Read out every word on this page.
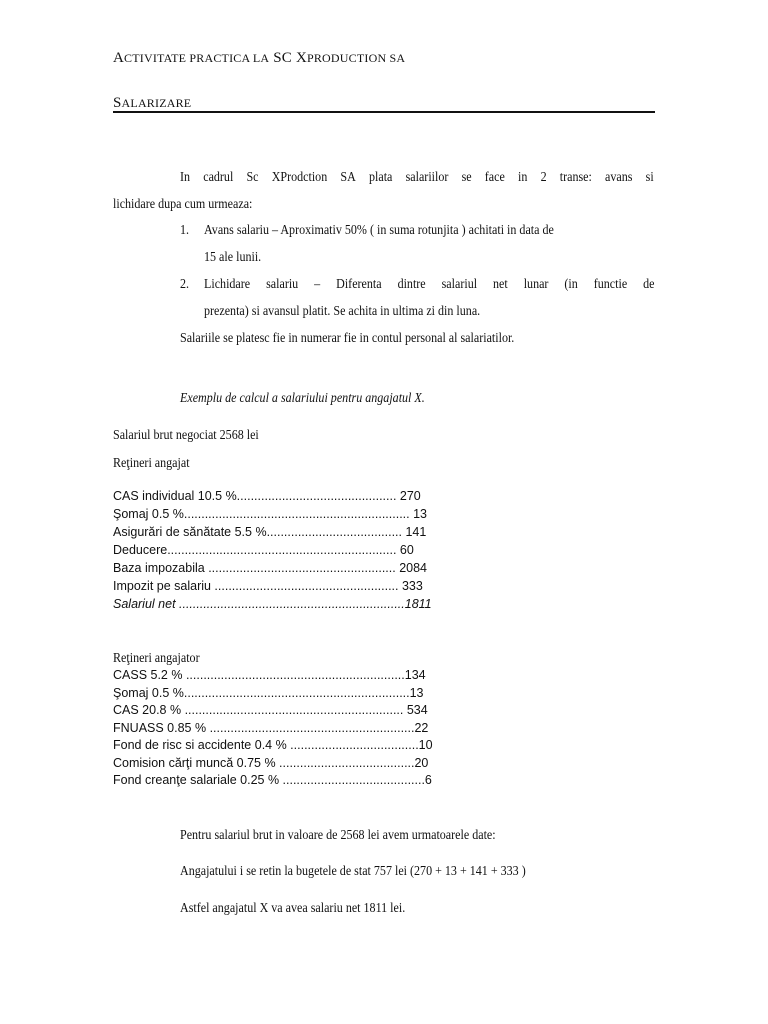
ACTIVITATE PRACTICA LA SC XPRODUCTION SA
SALARIZARE
In cadrul Sc XProdction SA plata salariilor se face in 2 transe: avans si
lichidare dupa cum urmeaza:
1. Avans salariu – Aproximativ 50% ( in suma rotunjita ) achitati in data de
15 ale lunii.
2. Lichidare salariu – Diferenta dintre salariul net lunar (in functie de
prezenta) si avansul platit. Se achita in ultima zi din luna.
Salariile se platesc fie in numerar fie in contul personal al salariatilor.
Exemplu de calcul a salariului pentru angajatul X.
Salariul brut negociat 2568 lei
Reţineri angajat
CAS individual 10.5 %.............................................. 270
Şomaj 0.5 %................................................................. 13
Asigurări de sănătate 5.5 %....................................... 141
Deducere.................................................................. 60
Baza impozabila ...................................................... 2084
Impozit pe salariu ..................................................... 333
Salariul net .................................................................1811
Reţineri angajator
CASS 5.2 % ...............................................................134
Şomaj 0.5 %.................................................................13
CAS 20.8 % ............................................................... 534
FNUASS 0.85 % ...........................................................22
Fond de risc si accidente 0.4 % .....................................10
Comision cărţi muncă 0.75 % .......................................20
Fond creanţe salariale 0.25 % .........................................6
Pentru salariul brut in valoare de 2568 lei avem urmatoarele date:
Angajatului i se retin la bugetele de stat 757 lei (270 + 13 + 141 + 333 )
Astfel angajatul X va avea salariu net 1811 lei.
